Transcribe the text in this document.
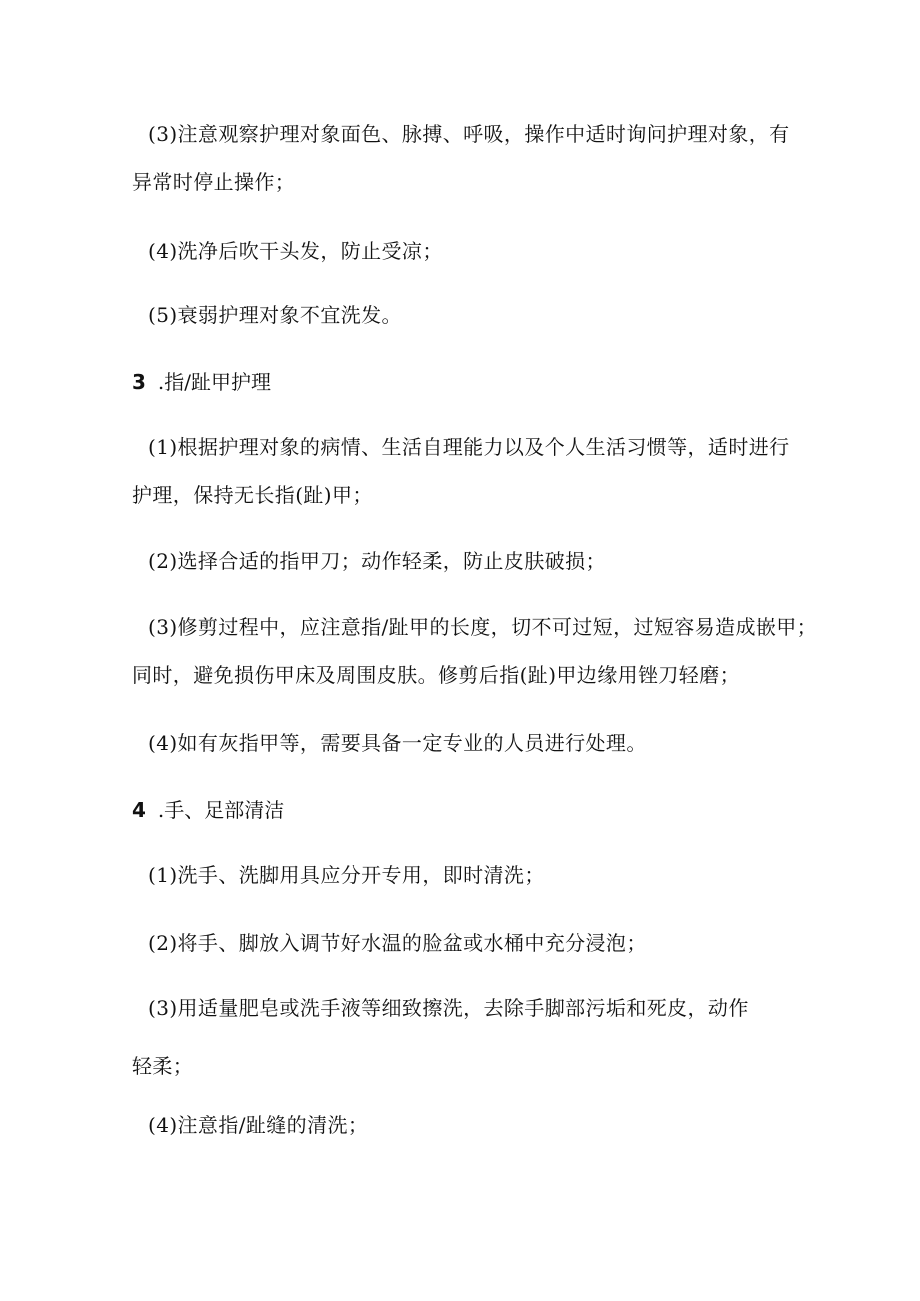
(3)注意观察护理对象面色、脉搏、呼吸，操作中适时询问护理对象，有
异常时停止操作；
(4)洗净后吹干头发，防止受凉；
(5)衰弱护理对象不宜洗发。
3 .指/趾甲护理
(1)根据护理对象的病情、生活自理能力以及个人生活习惯等，适时进行
护理，保持无长指(趾)甲；
(2)选择合适的指甲刀；动作轻柔，防止皮肤破损；
(3)修剪过程中，应注意指/趾甲的长度，切不可过短，过短容易造成嵌甲；
同时，避免损伤甲床及周围皮肤。修剪后指(趾)甲边缘用锉刀轻磨；
(4)如有灰指甲等，需要具备一定专业的人员进行处理。
4 .手、足部清洁
(1)洗手、洗脚用具应分开专用，即时清洗；
(2)将手、脚放入调节好水温的脸盆或水桶中充分浸泡；
(3)用适量肥皂或洗手液等细致擦洗，去除手脚部污垢和死皮，动作
轻柔；
(4)注意指/趾缝的清洗；
